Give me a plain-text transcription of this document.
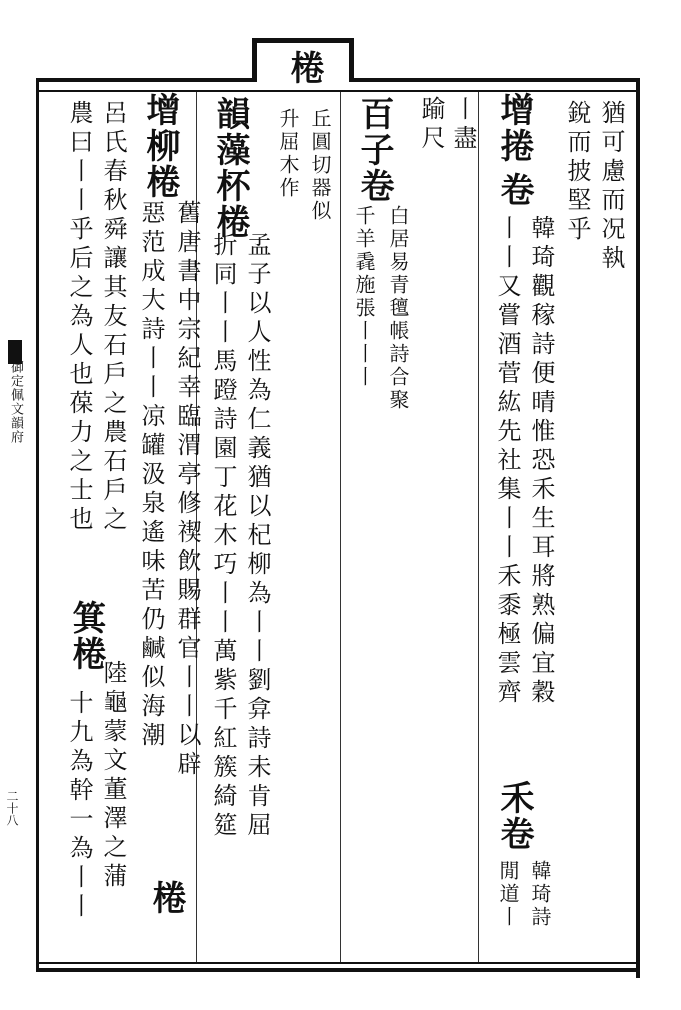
御定佩文韻府
二十八
棬
丘圓切器似
升屈木作	猶可慮而况執
銳而披堅乎
增捲
卷
韓琦觀稼詩便晴惟恐禾生耳將熟偏宜穀
丨丨又嘗酒菅紘先社集丨丨禾黍極雲齊
禾卷
韓琦詩
閒道丨
丨盡
踰尺
百子卷
白居易青氊帳詩合聚
千羊毳施張丨丨丨
韻藻杯棬
孟子以人性為仁義猶以杞柳為丨丨劉弇詩未肯屈
折同丨丨馬蹬詩園丁花木巧丨丨萬紫千紅簇綺筵
增柳棬
舊唐書中宗紀幸臨渭亭修禊飲賜群官丨丨以辟
棬
惡范成大詩丨丨凉罐汲泉遙味苦仍鹹似海潮
呂氏春秋舜讓其友石戶之農石戶之
陸龜蒙文董澤之蒲
農曰丨丨乎后之為人也葆力之士也
箕棬
十九為幹一為丨丨
